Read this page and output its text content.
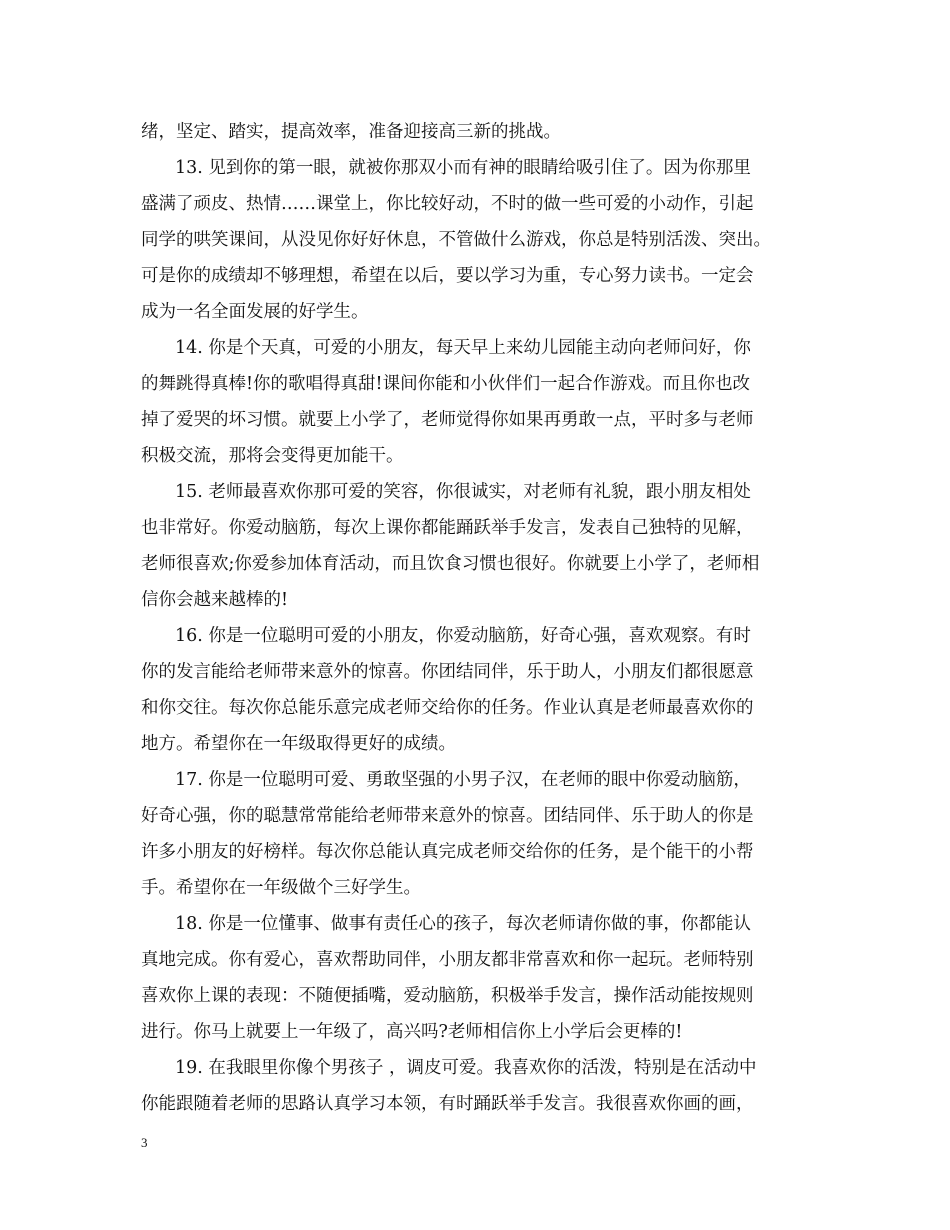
绪，坚定、踏实，提高效率，准备迎接高三新的挑战。
13. 见到你的第一眼，就被你那双小而有神的眼睛给吸引住了。因为你那里
盛满了顽皮、热情……课堂上，你比较好动，不时的做一些可爱的小动作，引起
同学的哄笑课间，从没见你好好休息，不管做什么游戏，你总是特别活泼、突出。
可是你的成绩却不够理想，希望在以后，要以学习为重，专心努力读书。一定会
成为一名全面发展的好学生。
14. 你是个天真，可爱的小朋友，每天早上来幼儿园能主动向老师问好，你
的舞跳得真棒!你的歌唱得真甜!课间你能和小伙伴们一起合作游戏。而且你也改
掉了爱哭的坏习惯。就要上小学了，老师觉得你如果再勇敢一点，平时多与老师
积极交流，那将会变得更加能干。
15. 老师最喜欢你那可爱的笑容，你很诚实，对老师有礼貌，跟小朋友相处
也非常好。你爱动脑筋，每次上课你都能踊跃举手发言，发表自己独特的见解，
老师很喜欢;你爱参加体育活动，而且饮食习惯也很好。你就要上小学了，老师相
信你会越来越棒的!
16. 你是一位聪明可爱的小朋友，你爱动脑筋，好奇心强，喜欢观察。有时
你的发言能给老师带来意外的惊喜。你团结同伴，乐于助人，小朋友们都很愿意
和你交往。每次你总能乐意完成老师交给你的任务。作业认真是老师最喜欢你的
地方。希望你在一年级取得更好的成绩。
17. 你是一位聪明可爱、勇敢坚强的小男子汉，在老师的眼中你爱动脑筋，
好奇心强，你的聪慧常常能给老师带来意外的惊喜。团结同伴、乐于助人的你是
许多小朋友的好榜样。每次你总能认真完成老师交给你的任务，是个能干的小帮
手。希望你在一年级做个三好学生。
18. 你是一位懂事、做事有责任心的孩子，每次老师请你做的事，你都能认
真地完成。你有爱心，喜欢帮助同伴，小朋友都非常喜欢和你一起玩。老师特别
喜欢你上课的表现：不随便插嘴，爱动脑筋，积极举手发言，操作活动能按规则
进行。你马上就要上一年级了，高兴吗?老师相信你上小学后会更棒的!
19. 在我眼里你像个男孩子 ，调皮可爱。我喜欢你的活泼，特别是在活动中
你能跟随着老师的思路认真学习本领，有时踊跃举手发言。我很喜欢你画的画，
3
